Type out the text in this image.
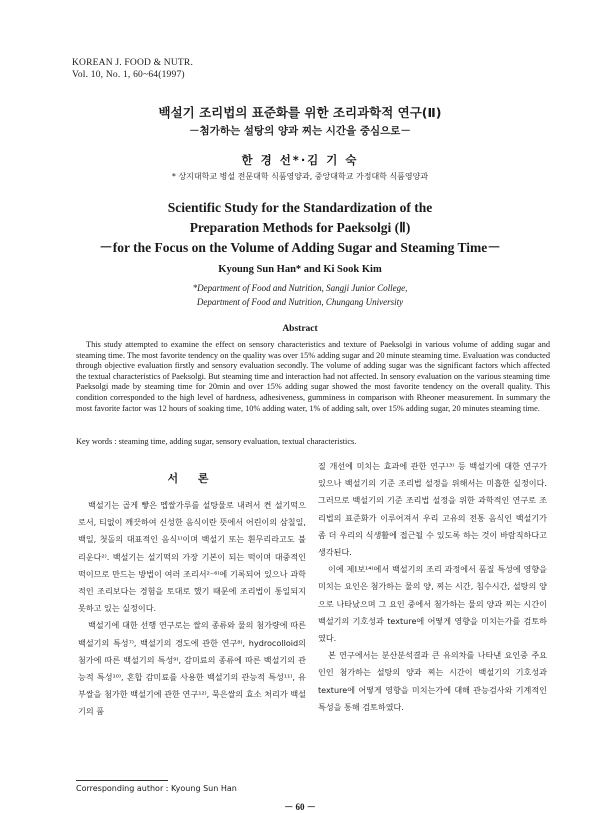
KOREAN J. FOOD & NUTR.
Vol. 10, No. 1, 60~64(1997)
백설기 조리법의 표준화를 위한 조리과학적 연구(Ⅱ)
－첨가하는 설탕의 양과 찌는 시간을 중심으로－
한 경 선*·김 기 숙
* 상지대학교 병설 전문대학 식품영양과, 중앙대학교 가정대학 식품영양과
Scientific Study for the Standardization of the
Preparation Methods for Paeksolgi (Ⅱ)
－for the Focus on the Volume of Adding Sugar and Steaming Time－
Kyoung Sun Han* and Ki Sook Kim
*Department of Food and Nutrition, Sangji Junior College,
Department of Food and Nutrition, Chungang University
Abstract

This study attempted to examine the effect on sensory characteristics and texture of Paeksolgi in various volume of adding sugar and steaming time. The most favorite tendency on the quality was over 15% adding sugar and 20 minute steaming time. Evaluation was conducted through objective evaluation firstly and sensory evaluation secondly. The volume of adding sugar was the significant factors which affected the textual characteristics of Paeksolgi. But steaming time and interaction had not affected. In sensory evaluation on the various steaming time Paeksolgi made by steaming time for 20min and over 15% adding sugar showed the most favorite tendency on the overall quality. This condition corresponded to the high level of hardness, adhesiveness, gumminess in comparison with Rheoner measurement. In summary the most favorite factor was 12 hours of soaking time, 10% adding water, 1% of adding salt, over 15% adding sugar, 20 minutes steaming time.

Key words : steaming time, adding sugar, sensory evaluation, textual characteristics.
서 론

백설기는 곱게 빻은 멥쌀가루를 설탕물로 내려서 켠 설기떡으로서, 티없이 깨끗하여 신성한 음식이란 뜻에서 어린이의 삼칠일, 백일, 첫돌의 대표적인 음식¹⁾이며 백설기 또는 흰무리라고도 불리운다²⁾. 백설기는 설기떡의 가장 기본이 되는 떡이며 대중적인 떡이므로 만드는 방법이 여러 조리서²⁻⁶⁾에 기록되어 있으나 과학적인 조리보다는 경험을 토대로 했기 때문에 조리법이 통일되지 못하고 있는 실정이다.

백설기에 대한 선행 연구로는 쌀의 종류와 물의 첨가량에 따른 백설기의 특성⁷⁾, 백설기의 경도에 관한 연구⁸⁾, hydrocolloid의 첨가에 따른 백설기의 특성⁹⁾, 감미료의 종류에 따른 백설기의 관능적 특성¹⁰⁾, 혼합 감미료를 사용한 백설기의 관능적 특성¹¹⁾, 유부쌀을 첨가한 백설기에 관한 연구¹²⁾, 묵은쌀의 효소 처리가 백설기의 품

질 개선에 미치는 효과에 관한 연구¹³⁾ 등 백설기에 대한 연구가 있으나 백설기의 기준 조리법 설정을 위해서는 미흡한 실정이다. 그러므로 백설기의 기준 조리법 설정을 위한 과학적인 연구로 조리법의 표준화가 이루어져서 우리 고유의 전통 음식인 백설기가 좀 더 우리의 식생활에 접근될 수 있도록 하는 것이 바람직하다고 생각된다.

이에 제Ⅰ보¹⁴⁾에서 백설기의 조리 과정에서 품질 특성에 영향을 미치는 요인은 첨가하는 물의 양, 찌는 시간, 침수시간, 설탕의 양으로 나타났으며 그 요인 중에서 첨가하는 물의 양과 찌는 시간이 백설기의 기호성과 texture에 어떻게 영향을 미치는가를 검토하였다.

본 연구에서는 분산분석결과 큰 유의차를 나타낸 요인중 주요인인 첨가하는 설탕의 양과 찌는 시간이 백설기의 기호성과 texture에 어떻게 영향을 미치는가에 대해 관능검사와 기계적인 특성을 통해 검토하였다.

Corresponding author : Kyoung Sun Han
－ 60 －
